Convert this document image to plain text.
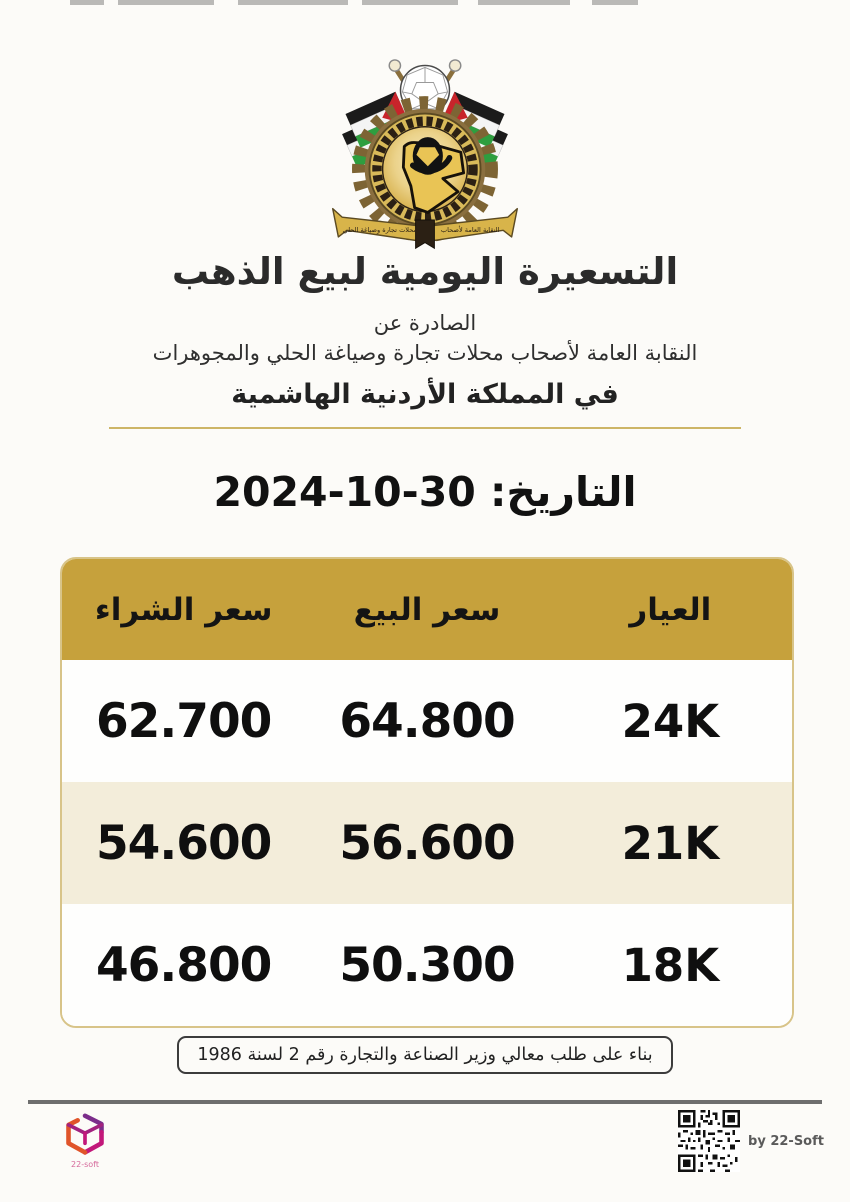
النقابة العامة لأصحاب
محلات تجارة وصياغة الحلي
التسعيرة اليومية لبيع الذهب
الصادرة عن
النقابة العامة لأصحاب محلات تجارة وصياغة الحلي والمجوهرات
في المملكة الأردنية الهاشمية
التاريخ: 30-10-2024
العيار
سعر البيع
سعر الشراء
24K
64.800
62.700
21K
56.600
54.600
18K
50.300
46.800
بناء على طلب معالي وزير الصناعة والتجارة رقم 2 لسنة 1986
22-soft
by 22-Soft
